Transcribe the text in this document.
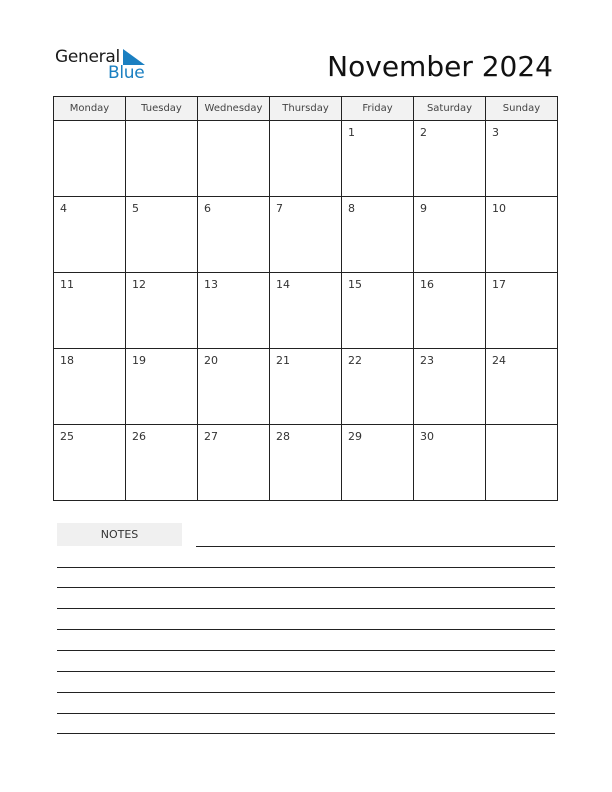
General
Blue	November 2024
Monday	Tuesday	Wednesday	Thursday	Friday	Saturday	Sunday

				1	2	3

4	5	6	7	8	9	10

11	12	13	14	15	16	17

18	19	20	21	22	23	24

25	26	27	28	29	30	

NOTES
